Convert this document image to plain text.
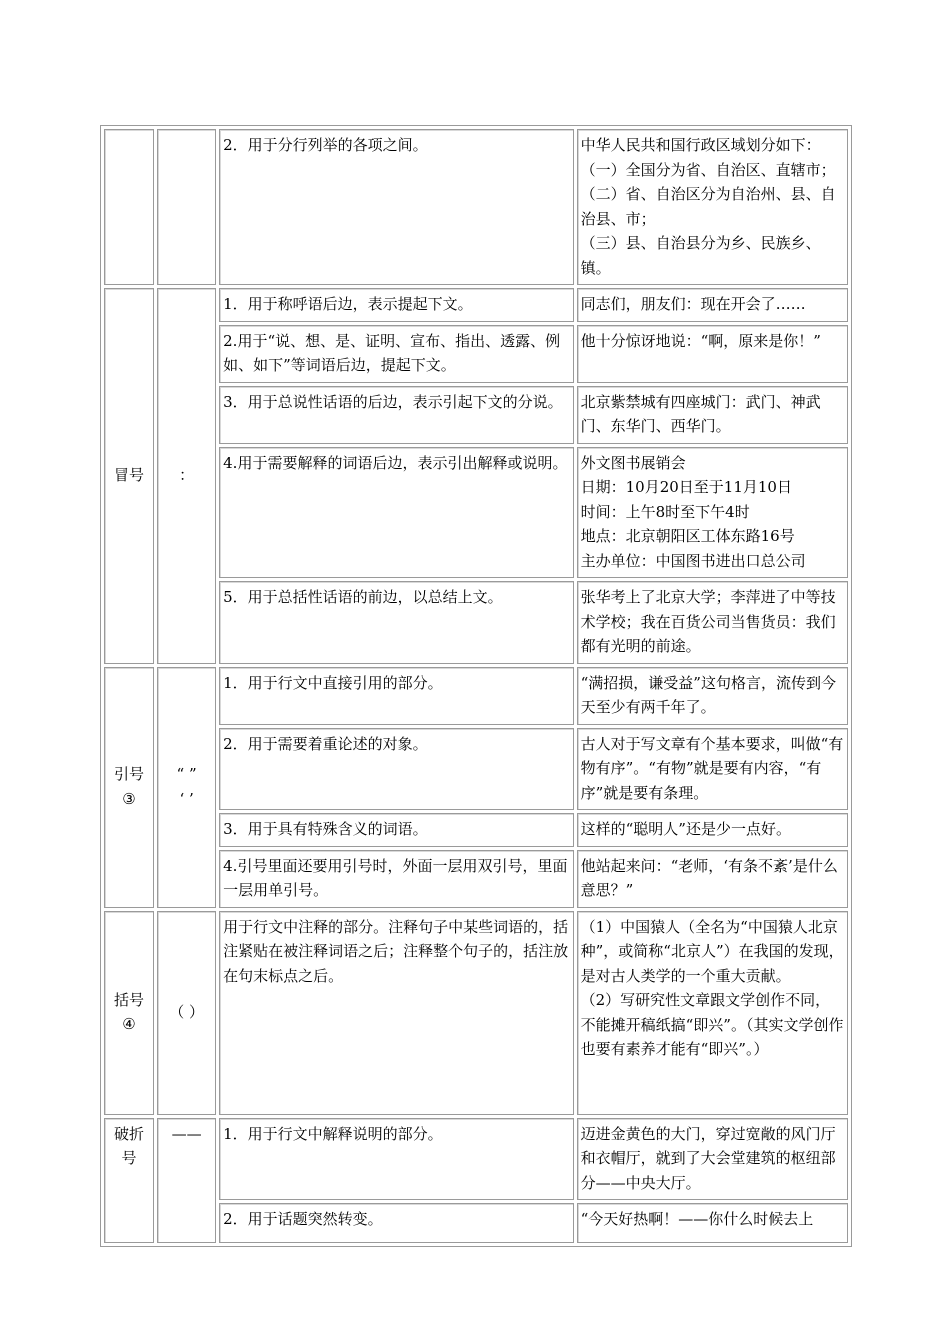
		2．用于分行列举的各项之间。	中华人民共和国行政区域划分如下：
（一）全国分为省、自治区、直辖市；
（二）省、自治区分为自治州、县、自治县、市；
（三）县、自治县分为乡、民族乡、镇。

冒号	：	1．用于称呼语后边，表示提起下文。	同志们，朋友们：现在开会了……
		2.用于“说、想、是、证明、宣布、指出、透露、例如、如下”等词语后边，提起下文。	他十分惊讶地说：“啊，原来是你！”
		3．用于总说性话语的后边，表示引起下文的分说。	北京紫禁城有四座城门：武门、神武门、东华门、西华门。
		4.用于需要解释的词语后边，表示引出解释或说明。	外文图书展销会
日期：10月20日至于11月10日
时间：上午8时至下午4时
地点：北京朝阳区工体东路16号
主办单位：中国图书进出口总公司

		5．用于总括性话语的前边，以总结上文。	张华考上了北京大学；李萍进了中等技术学校；我在百货公司当售货员：我们都有光明的前途。

引号
③	“ ”
‘ ’	1．用于行文中直接引用的部分。	“满招损，谦受益”这句格言，流传到今天至少有两千年了。
		2．用于需要着重论述的对象。	古人对于写文章有个基本要求，叫做“有物有序”。“有物”就是要有内容，“有序”就是要有条理。
		3．用于具有特殊含义的词语。	这样的“聪明人”还是少一点好。
		4.引号里面还要用引号时，外面一层用双引号，里面一层用单引号。	他站起来问：“老师，‘有条不紊’是什么意思？”

括号
④	（ ）	用于行文中注释的部分。注释句子中某些词语的，括注紧贴在被注释词语之后；注释整个句子的，括注放在句末标点之后。	（1）中国猿人（全名为“中国猿人北京种”，或简称“北京人”）在我国的发现，是对古人类学的一个重大贡献。
（2）写研究性文章跟文学创作不同，不能摊开稿纸搞“即兴”。（其实文学创作也要有素养才能有“即兴”。）

破折
号	——	1．用于行文中解释说明的部分。	迈进金黄色的大门，穿过宽敞的风门厅和衣帽厅，就到了大会堂建筑的枢纽部分——中央大厅。
		2．用于话题突然转变。	“今天好热啊！——你什么时候去上
